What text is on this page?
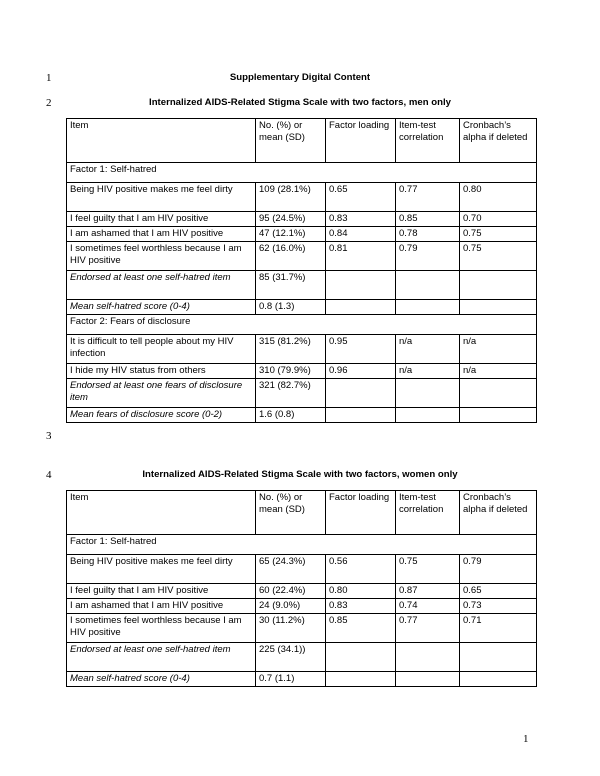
1	Supplementary Digital Content
2	Internalized AIDS-Related Stigma Scale with two factors, men only
Item	No. (%) or mean (SD)	Factor loading	Item-test correlation	Cronbach’s alpha if deleted
Factor 1: Self-hatred				
Being HIV positive makes me feel dirty	109 (28.1%)	0.65	0.77	0.80
I feel guilty that I am HIV positive	95 (24.5%)	0.83	0.85	0.70
I am ashamed that I am HIV positive	47 (12.1%)	0.84	0.78	0.75
I sometimes feel worthless because I am HIV positive	62 (16.0%)	0.81	0.79	0.75
Endorsed at least one self-hatred item	85 (31.7%)			
Mean self-hatred score (0-4)	0.8 (1.3)			
Factor 2: Fears of disclosure				
It is difficult to tell people about my HIV infection	315 (81.2%)	0.95	n/a	n/a
I hide my HIV status from others	310 (79.9%)	0.96	n/a	n/a
Endorsed at least one fears of disclosure item	321 (82.7%)			
Mean fears of disclosure score (0-2)	1.6 (0.8)			
3
4	Internalized AIDS-Related Stigma Scale with two factors, women only
Item	No. (%) or mean (SD)	Factor loading	Item-test correlation	Cronbach’s alpha if deleted
Factor 1: Self-hatred				
Being HIV positive makes me feel dirty	65 (24.3%)	0.56	0.75	0.79
I feel guilty that I am HIV positive	60 (22.4%)	0.80	0.87	0.65
I am ashamed that I am HIV positive	24 (9.0%)	0.83	0.74	0.73
I sometimes feel worthless because I am HIV positive	30 (11.2%)	0.85	0.77	0.71
Endorsed at least one self-hatred item	225 (34.1))			
Mean self-hatred score (0-4)	0.7 (1.1)			
1
